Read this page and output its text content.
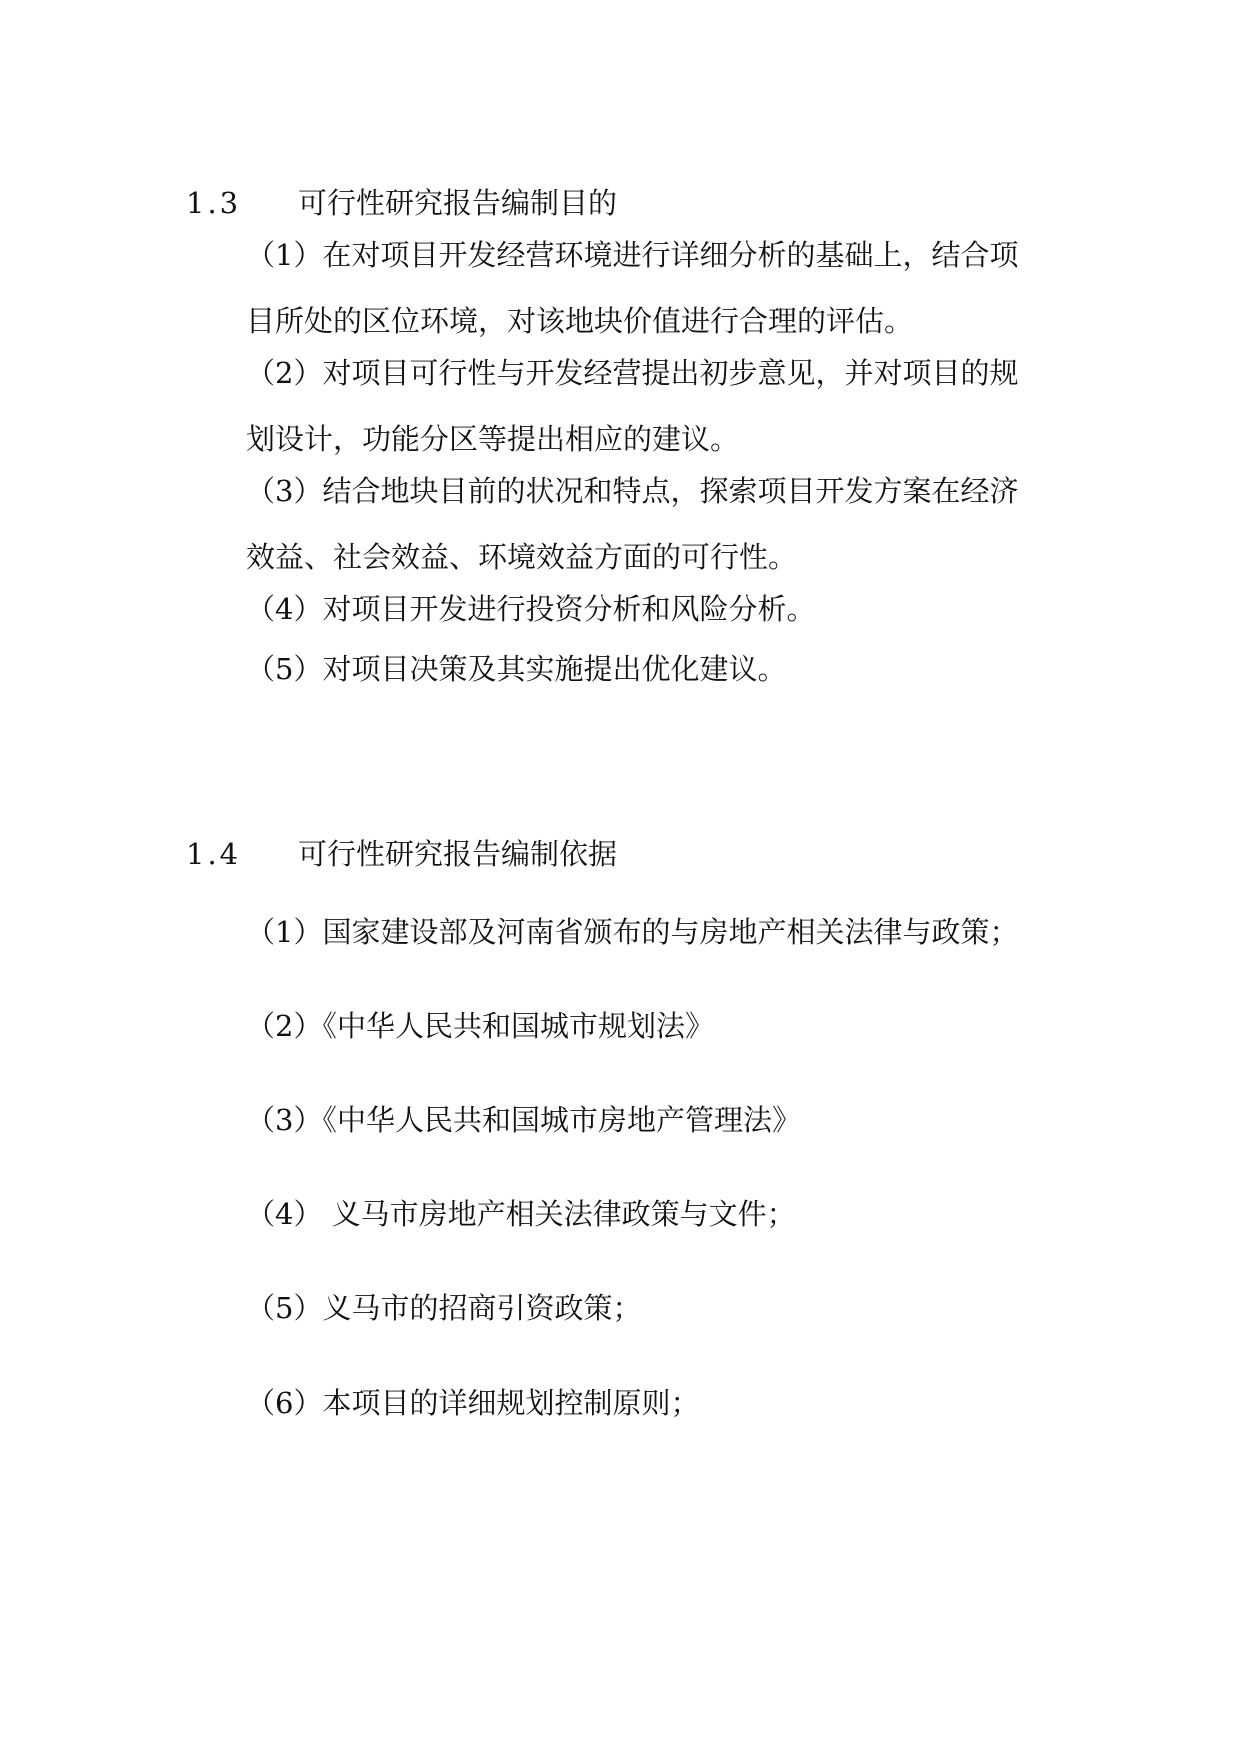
1.3 可行性研究报告编制目的
（1）在对项目开发经营环境进行详细分析的基础上，结合项
目所处的区位环境，对该地块价值进行合理的评估。
（2）对项目可行性与开发经营提出初步意见，并对项目的规
划设计，功能分区等提出相应的建议。
（3）结合地块目前的状况和特点，探索项目开发方案在经济
效益、社会效益、环境效益方面的可行性。
（4）对项目开发进行投资分析和风险分析。
（5）对项目决策及其实施提出优化建议。
1.4 可行性研究报告编制依据
（1）国家建设部及河南省颁布的与房地产相关法律与政策；
（2）《中华人民共和国城市规划法》
（3）《中华人民共和国城市房地产管理法》
（4） 义马市房地产相关法律政策与文件；
（5）义马市的招商引资政策；
（6）本项目的详细规划控制原则；
